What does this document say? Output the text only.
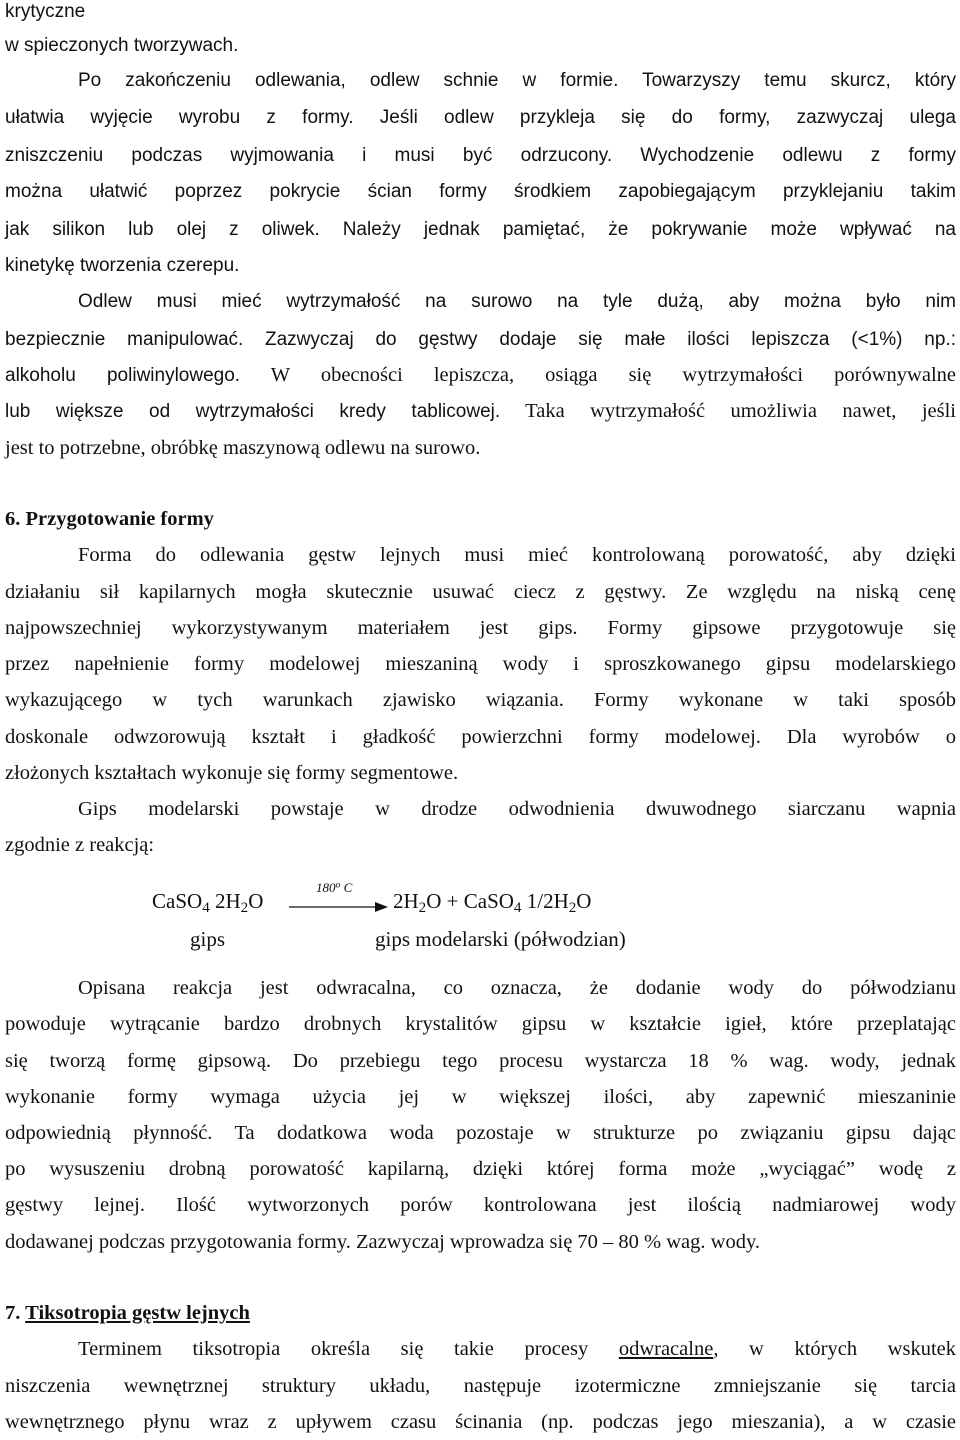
krytyczne
w spieczonych tworzywach.
Po zakończeniu odlewania, odlew schnie w formie. Towarzyszy temu skurcz, który
ułatwia wyjęcie wyrobu z formy. Jeśli odlew przykleja się do formy, zazwyczaj ulega
zniszczeniu podczas wyjmowania i musi być odrzucony. Wychodzenie odlewu z formy
można ułatwić poprzez pokrycie ścian formy środkiem zapobiegającym przyklejaniu takim
jak silikon lub olej z oliwek. Należy jednak pamiętać, że pokrywanie może wpływać na
kinetykę tworzenia czerepu.
Odlew musi mieć wytrzymałość na surowo na tyle dużą, aby można było nim
bezpiecznie manipulować. Zazwyczaj do gęstwy dodaje się małe ilości lepiszcza (<1%) np.:
alkoholu poliwinylowego. W obecności lepiszcza, osiąga się wytrzymałości porównywalne
lub większe od wytrzymałości kredy tablicowej. Taka wytrzymałość umożliwia nawet, jeśli
jest to potrzebne, obróbkę maszynową odlewu na surowo.
6. Przygotowanie formy
Forma do odlewania gęstw lejnych musi mieć kontrolowaną porowatość, aby dzięki
działaniu sił kapilarnych mogła skutecznie usuwać ciecz z gęstwy. Ze względu na niską cenę
najpowszechniej wykorzystywanym materiałem jest gips. Formy gipsowe przygotowuje się
przez napełnienie formy modelowej mieszaniną wody i sproszkowanego gipsu modelarskiego
wykazującego w tych warunkach zjawisko wiązania. Formy wykonane w taki sposób
doskonale odwzorowują kształt i gładkość powierzchni formy modelowej. Dla wyrobów o
złożonych kształtach wykonuje się formy segmentowe.
Gips modelarski powstaje w drodze odwodnienia dwuwodnego siarczanu wapnia
zgodnie z reakcją:
CaSO$_4$ $2H_2O$
180$^o$ C
$2H_2O$ + CaSO$_4$ $1/2H_2O$
gips	gips modelarski (półwodzian)
Opisana reakcja jest odwracalna, co oznacza, że dodanie wody do półwodzianu
powoduje wytrącanie bardzo drobnych krystalitów gipsu w kształcie igieł, które przeplatając
się tworzą formę gipsową. Do przebiegu tego procesu wystarcza 18 % wag. wody, jednak
wykonanie formy wymaga użycia jej w większej ilości, aby zapewnić mieszaninie
odpowiednią płynność. Ta dodatkowa woda pozostaje w strukturze po związaniu gipsu dając
po wysuszeniu drobną porowatość kapilarną, dzięki której forma może „wyciągać” wodę z
gęstwy lejnej. Ilość wytworzonych porów kontrolowana jest ilością nadmiarowej wody
dodawanej podczas przygotowania formy. Zazwyczaj wprowadza się 70 – 80 % wag. wody.
7. Tiksotropia gęstw lejnych
Terminem tiksotropia określa się takie procesy odwracalne, w których wskutek
niszczenia wewnętrznej struktury układu, następuje izotermiczne zmniejszanie się tarcia
wewnętrznego płynu wraz z upływem czasu ścinania (np. podczas jego mieszania), a w czasie
